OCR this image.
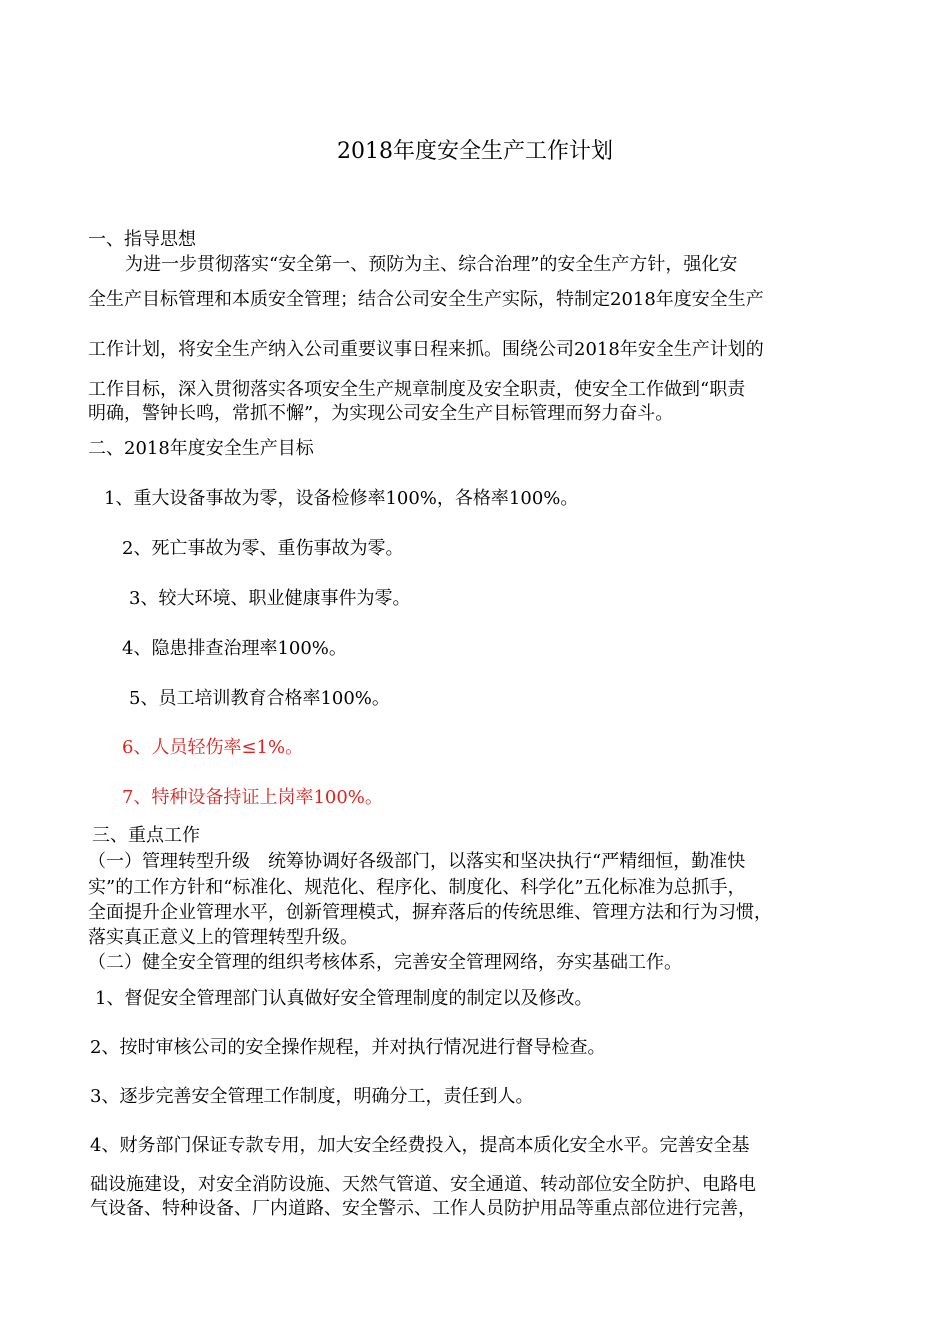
2018年度安全生产工作计划
一、指导思想
为进一步贯彻落实“安全第一、预防为主、综合治理”的安全生产方针，强化安
全生产目标管理和本质安全管理；结合公司安全生产实际，特制定2018年度安全生产
工作计划，将安全生产纳入公司重要议事日程来抓。围绕公司2018年安全生产计划的
工作目标，深入贯彻落实各项安全生产规章制度及安全职责，使安全工作做到“职责
明确，警钟长鸣，常抓不懈”，为实现公司安全生产目标管理而努力奋斗。
二、2018年度安全生产目标
1、重大设备事故为零，设备检修率100%，各格率100%。
2、死亡事故为零、重伤事故为零。
3、较大环境、职业健康事件为零。
4、隐患排查治理率100%。
5、员工培训教育合格率100%。
6、人员轻伤率≤1%。
7、特种设备持证上岗率100%。
三、重点工作
（一）管理转型升级　统筹协调好各级部门，以落实和坚决执行“严精细恒，勤准快
实”的工作方针和“标准化、规范化、程序化、制度化、科学化”五化标准为总抓手，
全面提升企业管理水平，创新管理模式，摒弃落后的传统思维、管理方法和行为习惯，
落实真正意义上的管理转型升级。
（二）健全安全管理的组织考核体系，完善安全管理网络，夯实基础工作。
1、督促安全管理部门认真做好安全管理制度的制定以及修改。
2、按时审核公司的安全操作规程，并对执行情况进行督导检查。
3、逐步完善安全管理工作制度，明确分工，责任到人。
4、财务部门保证专款专用，加大安全经费投入，提高本质化安全水平。完善安全基
础设施建设，对安全消防设施、天然气管道、安全通道、转动部位安全防护、电路电
气设备、特种设备、厂内道路、安全警示、工作人员防护用品等重点部位进行完善，
